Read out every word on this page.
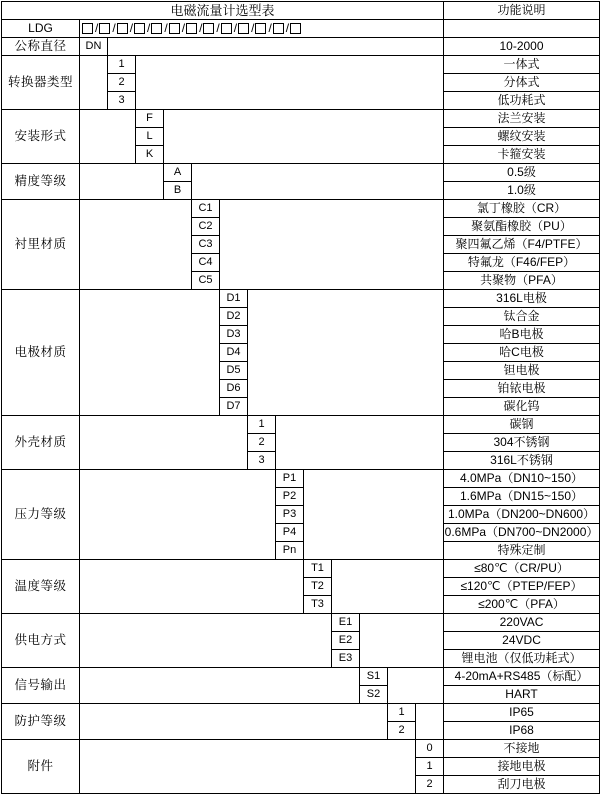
电磁流量计选型表														功能说明
LDG	/ / / / / / / / / / / /

公称直径	DN													10-2000
转换器类型		1												一体式
		2												分体式
		3												低功耗式
安装形式			F											法兰安装
			L											螺纹安装
			K											卡箍安装
精度等级				A										0.5级
				B										1.0级
衬里材质					C1									氯丁橡胶（CR）
					C2									聚氨酯橡胶（PU）
					C3									聚四氟乙烯（F4/PTFE）
					C4									特氟龙（F46/FEP）
					C5									共聚物（PFA）
电极材质						D1								316L电极
						D2								钛合金
						D3								哈B电极
						D4								哈C电极
						D5								钽电极
						D6								铂铱电极
						D7								碳化钨
外壳材质							1							碳钢
							2							304不锈钢
							3							316L不锈钢
压力等级								P1						4.0MPa（DN10~150）
								P2						1.6MPa（DN15~150）
								P3						1.0MPa（DN200~DN600）
								P4						0.6MPa（DN700~DN2000）
								Pn						特殊定制
温度等级									T1					≤80℃（CR/PU）
									T2					≤120℃（PTEP/FEP）
									T3					≤200℃（PFA）
供电方式										E1				220VAC
										E2				24VDC
										E3				锂电池（仅低功耗式）
信号输出											S1			4-20mA+RS485（标配）
											S2			HART
防护等级												1		IP65
												2		IP68
附件													0	不接地
													1	接地电极
													2	刮刀电极
